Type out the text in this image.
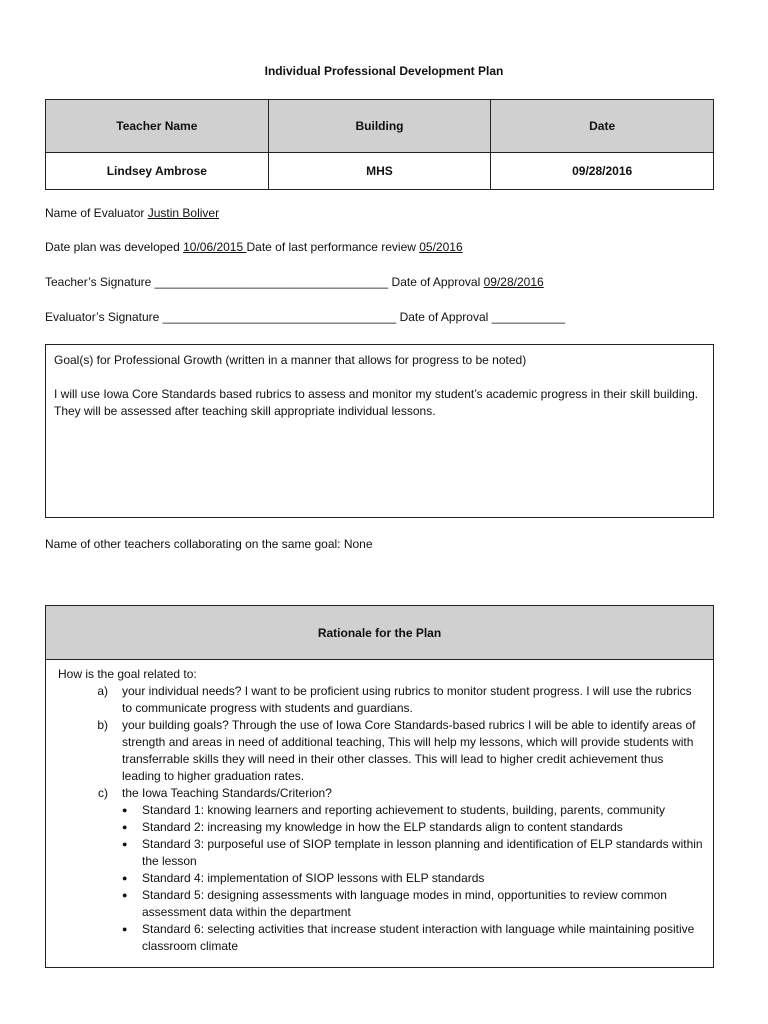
Individual Professional Development Plan
Teacher Name	Building	Date
Lindsey Ambrose	MHS	09/28/2016
Name of Evaluator Justin Boliver
Date plan was developed 10/06/2015 Date of last performance review 05/2016
Teacher’s Signature ___________________________________ Date of Approval 09/28/2016
Evaluator’s Signature ___________________________________ Date of Approval ___________

Goal(s) for Professional Growth (written in a manner that allows for progress to be noted)

I will use Iowa Core Standards based rubrics to assess and monitor my student’s academic progress in their skill building. They will be assessed after teaching skill appropriate individual lessons.

Name of other teachers collaborating on the same goal: None
Rationale for the Plan
How is the goal related to:
a)	your individual needs? I want to be proficient using rubrics to monitor student progress. I will use the rubrics to communicate progress with students and guardians.
b)	your building goals? Through the use of Iowa Core Standards-based rubrics I will be able to identify areas of strength and areas in need of additional teaching, This will help my lessons, which will provide students with transferrable skills they will need in their other classes. This will lead to higher credit achievement thus leading to higher graduation rates.
c)	the Iowa Teaching Standards/Criterion?
●	Standard 1: knowing learners and reporting achievement to students, building, parents, community
●	Standard 2: increasing my knowledge in how the ELP standards align to content standards
●	Standard 3: purposeful use of SIOP template in lesson planning and identification of ELP standards within the lesson
●	Standard 4: implementation of SIOP lessons with ELP standards
●	Standard 5: designing assessments with language modes in mind, opportunities to review common assessment data within the department
●	Standard 6: selecting activities that increase student interaction with language while maintaining positive classroom climate
